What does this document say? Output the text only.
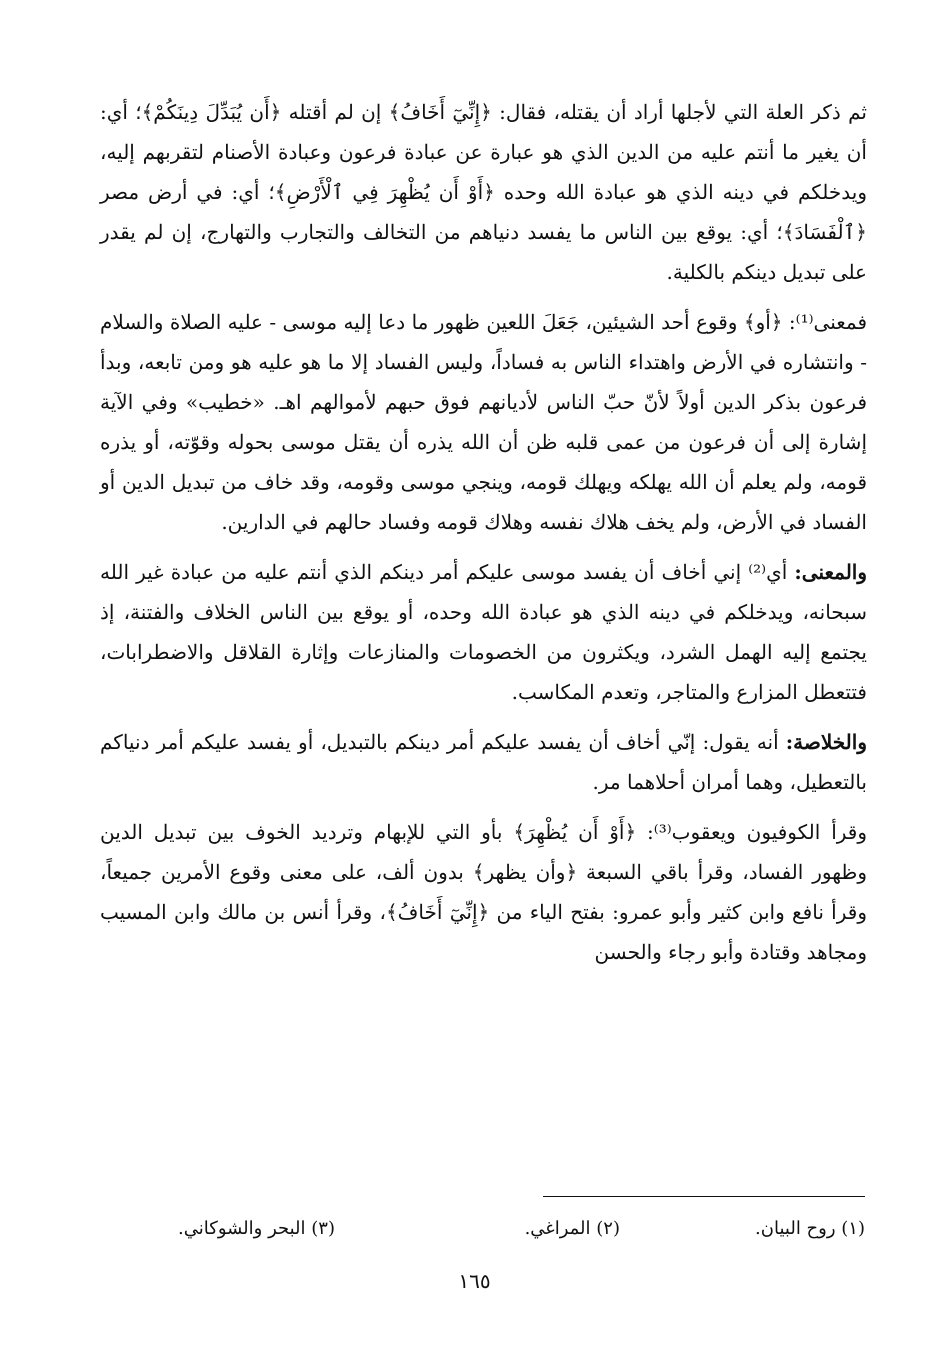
ثم ذكر العلة التي لأجلها أراد أن يقتله، فقال: ﴿إِنِّيٓ أَخَافُ﴾ إن لم أقتله ﴿أَن يُبَدِّلَ دِينَكُمْ﴾؛ أي: أن يغير ما أنتم عليه من الدين الذي هو عبارة عن عبادة فرعون وعبادة الأصنام لتقربهم إليه، ويدخلكم في دينه الذي هو عبادة الله وحده ﴿أَوْ أَن يُظْهِرَ فِي ٱلْأَرْضِ﴾؛ أي: في أرض مصر ﴿ٱلْفَسَادَ﴾؛ أي: يوقع بين الناس ما يفسد دنياهم من التخالف والتجارب والتهارج، إن لم يقدر على تبديل دينكم بالكلية.

فمعنى⁽¹⁾: ﴿أو﴾ وقوع أحد الشيئين، جَعَلَ اللعين ظهور ما دعا إليه موسى - عليه الصلاة والسلام - وانتشاره في الأرض واهتداء الناس به فساداً، وليس الفساد إلا ما هو عليه هو ومن تابعه، وبدأ فرعون بذكر الدين أولاً لأنّ حبّ الناس لأديانهم فوق حبهم لأموالهم اهـ. «خطيب» وفي الآية إشارة إلى أن فرعون من عمى قلبه ظن أن الله يذره أن يقتل موسى بحوله وقوّته، أو يذره قومه، ولم يعلم أن الله يهلكه ويهلك قومه، وينجي موسى وقومه، وقد خاف من تبديل الدين أو الفساد في الأرض، ولم يخف هلاك نفسه وهلاك قومه وفساد حالهم في الدارين.

والمعنى: أي⁽²⁾ إني أخاف أن يفسد موسى عليكم أمر دينكم الذي أنتم عليه من عبادة غير الله سبحانه، ويدخلكم في دينه الذي هو عبادة الله وحده، أو يوقع بين الناس الخلاف والفتنة، إذ يجتمع إليه الهمل الشرد، ويكثرون من الخصومات والمنازعات وإثارة القلاقل والاضطرابات، فتتعطل المزارع والمتاجر، وتعدم المكاسب.

والخلاصة: أنه يقول: إنّي أخاف أن يفسد عليكم أمر دينكم بالتبديل، أو يفسد عليكم أمر دنياكم بالتعطيل، وهما أمران أحلاهما مر.

وقرأ الكوفيون ويعقوب⁽³⁾: ﴿أَوْ أَن يُظْهِرَ﴾ بأو التي للإبهام وترديد الخوف بين تبديل الدين وظهور الفساد، وقرأ باقي السبعة ﴿وأن يظهر﴾ بدون ألف، على معنى وقوع الأمرين جميعاً، وقرأ نافع وابن كثير وأبو عمرو: بفتح الياء من ﴿إِنِّيٓ أَخَافُ﴾، وقرأ أنس بن مالك وابن المسيب ومجاهد وقتادة وأبو رجاء والحسن

(١) روح البيان.
(٢) المراغي.
(٣) البحر والشوكاني.
١٦٥
